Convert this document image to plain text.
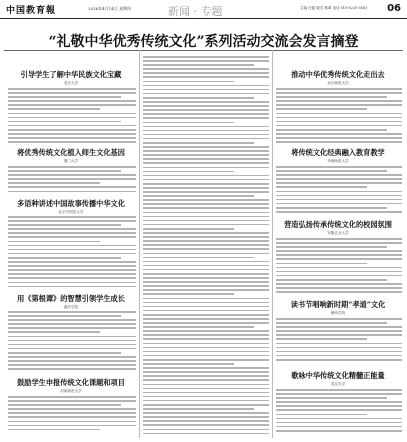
中国教育報	2016年4月14日 星期四	新闻 · 专题	主编 汪磊 版式 林翠 电话 010-8229 6581 06
“礼敬中华优秀传统文化”系列活动交流会发言摘登
引导学生了解中华民族文化宝藏
北京大学
将优秀传统文化植入师生文化基因
厦门大学
多语种讲述中国故事传播中华文化
北京外国语大学
用《第根谭》的智慧引领学生成长
潍坊学院
鼓励学生申报传统文化课题和项目
河南师范大学
推动中华优秀传统文化走出去
北京师范大学
将传统文化经典融入教育教学
华南师范大学
营造弘扬传承传统文化的校园氛围
安徽农业大学
读书节唱响新时期“孝道”文化
赣州学院
歌咏中华传统文化精髓正能量
武汉大学
